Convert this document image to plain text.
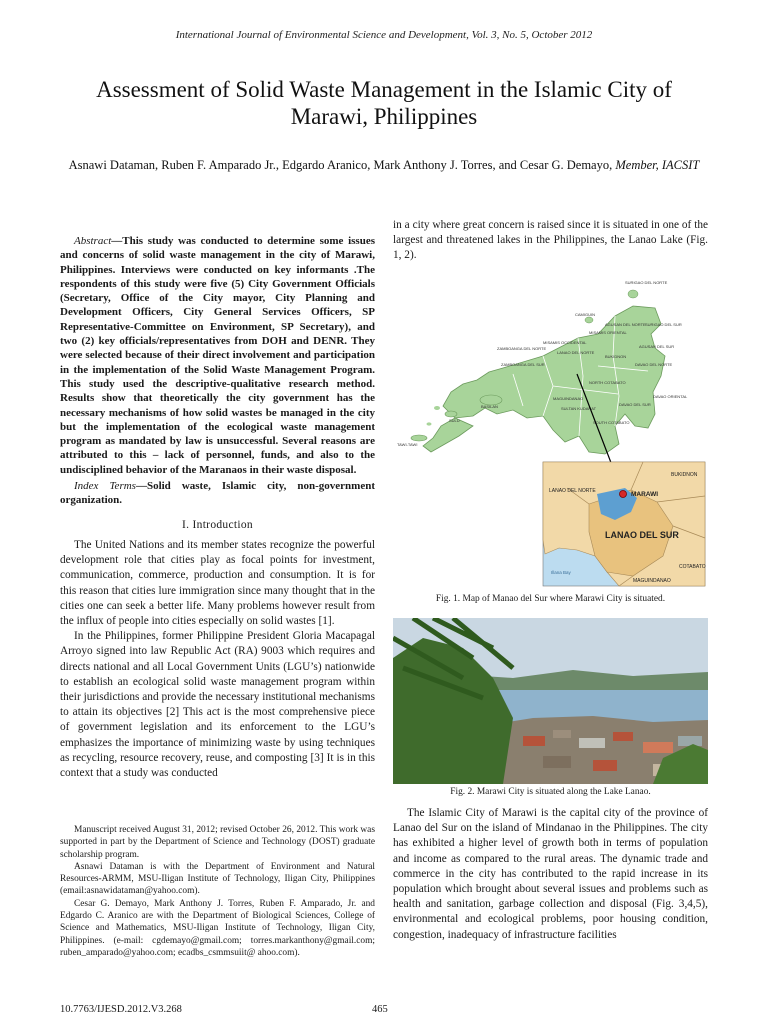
International Journal of Environmental Science and Development, Vol. 3, No. 5, October 2012
Assessment of Solid Waste Management in the Islamic City of Marawi, Philippines
Asnawi Dataman, Ruben F. Amparado Jr., Edgardo Aranico, Mark Anthony J. Torres, and Cesar G. Demayo, Member, IACSIT

Abstract—This study was conducted to determine some issues and concerns of solid waste management in the city of Marawi, Philippines. Interviews were conducted on key informants .The respondents of this study were five (5) City Government Officials (Secretary, Office of the City mayor, City Planning and Development Officers, City General Services Officers, SP Representative-Committee on Environment, SP Secretary), and two (2) key officials/representatives from DOH and DENR. They were selected because of their direct involvement and participation in the implementation of the Solid Waste Management Program. This study used the descriptive-qualitative research method. Results show that theoretically the city government has the necessary mechanisms of how solid wastes be managed in the city but the implementation of the ecological waste management program as mandated by law is unsuccessful. Several reasons are attributed to this – lack of personnel, funds, and also to the undisciplined behavior of the Maranaos in their waste disposal.

Index Terms—Solid waste, Islamic city, non-government organization.

I. Introduction

The United Nations and its member states recognize the powerful development role that cities play as focal points for investment, communication, commerce, production and consumption. It is for this reason that cities lure immigration since many thought that in the cities one can seek a better life. Many problems however result from the influx of people into cities especially on solid wastes [1].

In the Philippines, former Philippine President Gloria Macapagal Arroyo signed into law Republic Act (RA) 9003 which requires and directs national and all Local Government Units (LGU’s) nationwide to establish an ecological solid waste management program within their jurisdictions and provide the necessary institutional mechanisms to attain its objectives [2] This act is the most comprehensive piece of government legislation and its enforcement to the LGU’s emphasizes the importance of minimizing waste by using techniques as recycling, resource recovery, reuse, and composting [3] It is in this context that a study was conducted

Manuscript received August 31, 2012; revised October 26, 2012. This work was supported in part by the Department of Science and Technology (DOST) graduate scholarship program.

Asnawi Dataman is with the Department of Environment and Natural Resources-ARMM, MSU-Iligan Institute of Technology, Iligan City, Philippines (email:asnawidataman@yahoo.com).

Cesar G. Demayo, Mark Anthony J. Torres, Ruben F. Amparado, Jr. and Edgardo C. Aranico are with the Department of Biological Sciences, College of Science and Mathematics, MSU-Iligan Institute of Technology, Iligan City, Philippines. (e-mail: cgdemayo@gmail.com; torres.markanthony@gmail.com; ruben_amparado@yahoo.com; ecadbs_csmmsuiit@ ahoo.com).

in a city where great concern is raised since it is situated in one of the largest and threatened lakes in the Philippines, the Lanao Lake (Fig. 1, 2).

SURIGAO DEL NORTE
CAMIGUIN
MISAMIS ORIENTAL
SURIGAO DEL SUR
AGUSAN DEL NORTE
ZAMBOANGA DEL NORTE
MISAMIS OCCIDENTAL
LANAO DEL NORTE
BUKIDNON
AGUSAN DEL SUR
ZAMBOANGA DEL SUR	DAVAO DEL NORTE
NORTH COTABATO
MAGUINDANAO
SULTAN KUDARAT
DAVAO DEL SUR
DAVAO ORIENTAL
SOUTH COTABATO
BASILAN
SULU
TAWI-TAWI
MARAWI
BUKIDNON
LANAO DEL NORTE
LANAO DEL SUR
Illana Bay
COTABATO
MAGUINDANAO
Fig. 1. Map of Manao del Sur where Marawi City is situated.
Fig. 2. Marawi City is situated along the Lake Lanao.

The Islamic City of Marawi is the capital city of the province of Lanao del Sur on the island of Mindanao in the Philippines. The city has exhibited a higher level of growth both in terms of population and income as compared to the rural areas. The dynamic trade and commerce in the city has contributed to the rapid increase in its population which brought about several issues and problems such as health and sanitation, garbage collection and disposal (Fig. 3,4,5), environmental and ecological problems, poor housing condition, congestion, inadequacy of infrastructure facilities

10.7763/IJESD.2012.V3.268	465
